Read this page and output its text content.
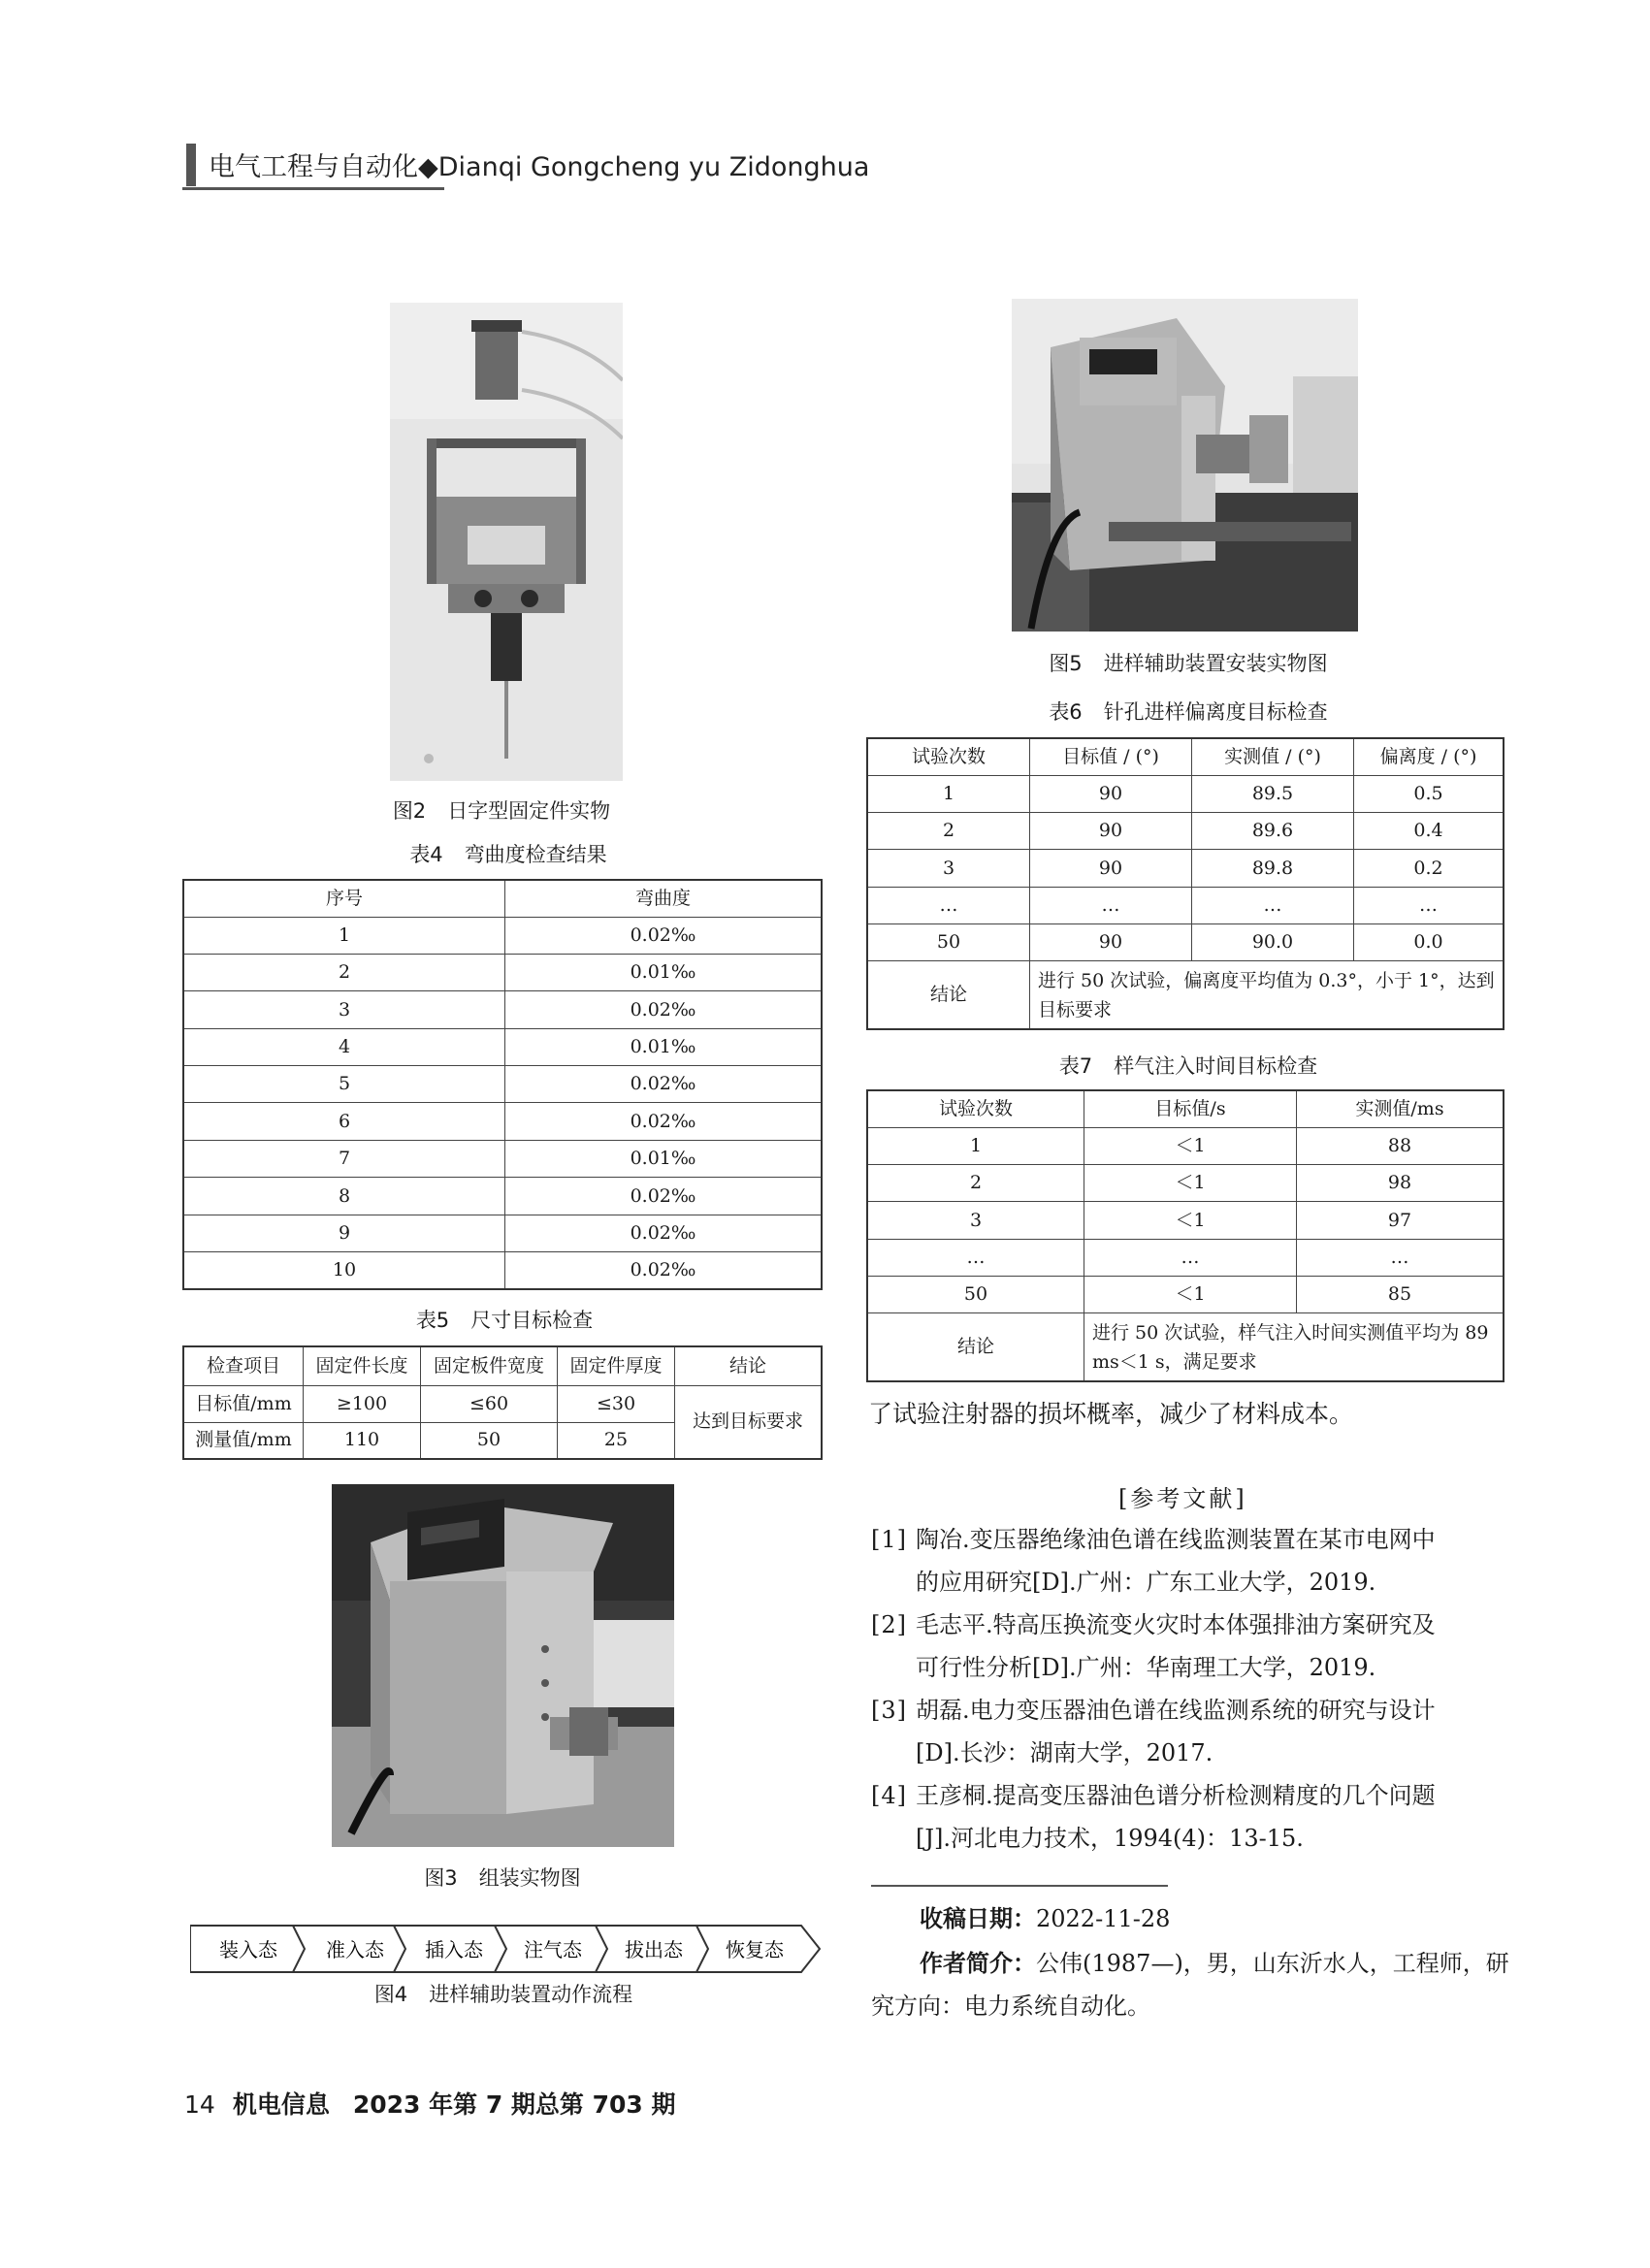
电气工程与自动化◆Dianqi Gongcheng yu Zidonghua
图2 日字型固定件实物
表4 弯曲度检查结果
序号	弯曲度
1	0.02‰
2	0.01‰
3	0.02‰
4	0.01‰
5	0.02‰
6	0.02‰
7	0.01‰
8	0.02‰
9	0.02‰
10	0.02‰
表5 尺寸目标检查
检查项目	固定件长度	固定板件宽度	固定件厚度	结论
目标值/mm	≥100	≤60	≤30	达到目标要求
测量值/mm	110	50	25	
图3 组装实物图
装入态	准入态 插入态 注气态 拔出态 恢复态
图4 进样辅助装置动作流程
图5 进样辅助装置安装实物图
表6 针孔进样偏离度目标检查
试验次数	目标值 / (°)	实测值 / (°)	偏离度 / (°)
1	90	89.5	0.5
2	90	89.6	0.4
3	90	89.8	0.2
…	…	…	…
50	90	90.0	0.0
结论	进行 50 次试验，偏离度平均值为 0.3°，小于 1°，达到目标要求		
表7 样气注入时间目标检查
试验次数	目标值/s	实测值/ms
1	＜1	88
2	＜1	98
3	＜1	97
…	…	…
50	＜1	85
结论	进行 50 次试验，样气注入时间实测值平均为 89 ms＜1 s，满足要求	
了试验注射器的损坏概率，减少了材料成本。
[参考文献]
[1] 陶冶.变压器绝缘油色谱在线监测装置在某市电网中
的应用研究[D].广州：广东工业大学，2019.
[2] 毛志平.特高压换流变火灾时本体强排油方案研究及
可行性分析[D].广州：华南理工大学，2019.
[3] 胡磊.电力变压器油色谱在线监测系统的研究与设计
[D].长沙：湖南大学，2017.
[4] 王彦桐.提高变压器油色谱分析检测精度的几个问题
[J].河北电力技术，1994(4)：13-15.
收稿日期：2022-11-28
作者简介：公伟(1987—)，男，山东沂水人，工程师，研
究方向：电力系统自动化。
14 机电信息 2023 年第 7 期总第 703 期
